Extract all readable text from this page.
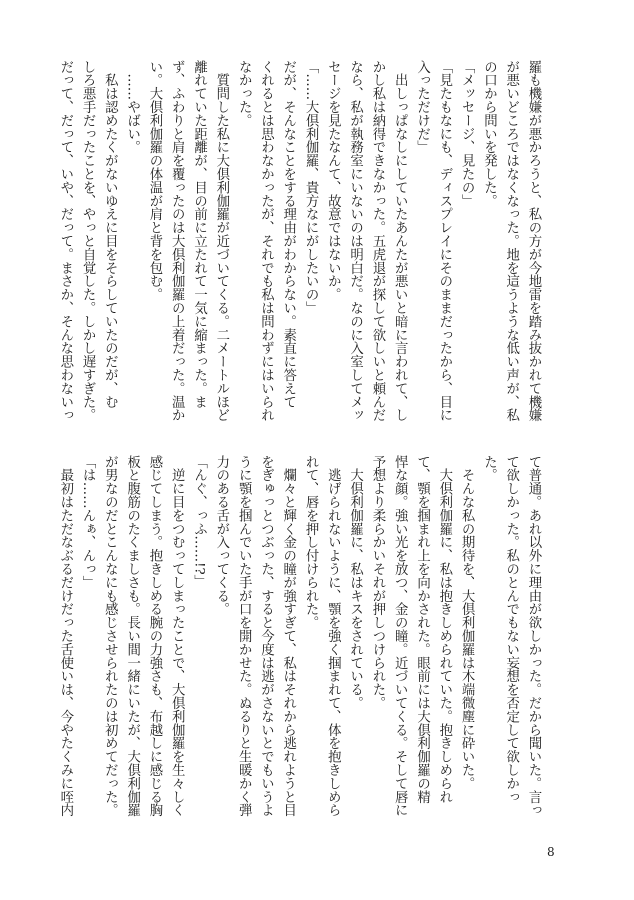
羅も機嫌が悪かろうと、私の方が今地雷を踏み抜かれて機嫌

が悪いどころではなくなった。地を這うような低い声が、私

の口から問いを発した。

「メッセージ、見たの」

「見たもなにも、ディスプレイにそのままだったから、目に

入っただけだ」

　出しっぱなしにしていたあんたが悪いと暗に言われて、し

かし私は納得できなかった。五虎退が探して欲しいと頼んだ

なら、私が執務室にいないのは明白だ。なのに入室してメッ

セージを見たなんて、故意ではないか。

「……大倶利伽羅、貴方なにがしたいの」

だが、そんなことをする理由がわからない。素直に答えて

くれるとは思わなかったが、それでも私は問わずにはいられ

なかった。

　質問した私に大倶利伽羅が近づいてくる。二メートルほど

離れていた距離が、目の前に立たれて一気に縮まった。ま

ず、ふわりと肩を覆ったのは大倶利伽羅の上着だった。温か

い。大倶利伽羅の体温が肩と背を包む。

　……やばい。

　私は認めたくがないゆえに目をそらしていたのだが、む

しろ悪手だったことを、やっと自覚した。しかし遅すぎた。

だって、だって、いや、だって。まさか、そんな思わないっ

て普通。あれ以外に理由が欲しかった。だから聞いた。言っ

て欲しかった。私のとんでもない妄想を否定して欲しかっ

た。

　そんな私の期待を、大倶利伽羅は木端微塵に砕いた。

　大倶利伽羅に、私は抱きしめられていた。抱きしめられ

て、顎を掴まれ上を向かされた。眼前には大倶利伽羅の精

悍な顔。強い光を放つ、金の瞳。近づいてくる。そして唇に

予想より柔らかいそれが押しつけられた。

　大倶利伽羅に、私はキスをされている。

　逃げられないように、顎を強く掴まれて、体を抱きしめら

れて、唇を押し付けられた。

　爛々と輝く金の瞳が強すぎて、私はそれから逃れようと目

をぎゅっとつぶった、すると今度は逃がさないとでもいうよ

うに顎を掴んでいた手が口を開かせた。ぬるりと生暖かく弾

力のある舌が入ってくる。

「んぐ、っふ……!?」

　逆に目をつむってしまったことで、大倶利伽羅を生々しく

感じてしまう。抱きしめる腕の力強さも、布越しに感じる胸

板と腹筋のたくましさも。長い間一緒にいたが、大倶利伽羅

が男なのだとこんなにも感じさせられたのは初めてだった。

「は……んぁ、んっ」

　最初はただなぶるだけだった舌使いは、今やたくみに咥内

8
